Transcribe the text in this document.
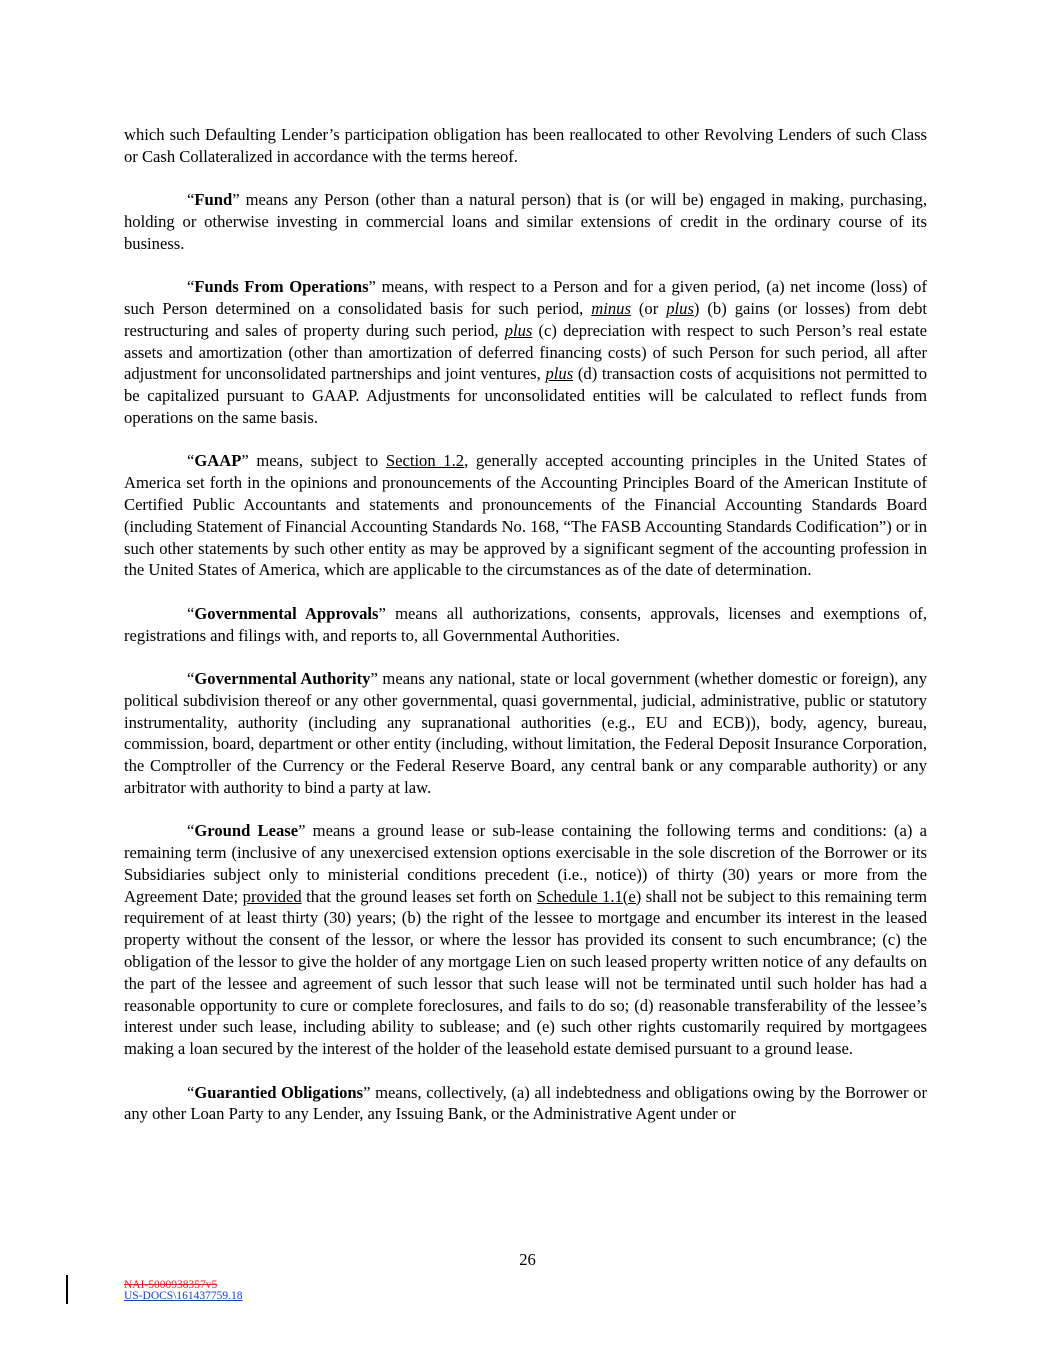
which such Defaulting Lender’s participation obligation has been reallocated to other Revolving Lenders of such Class or Cash Collateralized in accordance with the terms hereof.

“Fund” means any Person (other than a natural person) that is (or will be) engaged in making, purchasing, holding or otherwise investing in commercial loans and similar extensions of credit in the ordinary course of its business.

“Funds From Operations” means, with respect to a Person and for a given period, (a) net income (loss) of such Person determined on a consolidated basis for such period, minus (or plus) (b) gains (or losses) from debt restructuring and sales of property during such period, plus (c) depreciation with respect to such Person’s real estate assets and amortization (other than amortization of deferred financing costs) of such Person for such period, all after adjustment for unconsolidated partnerships and joint ventures, plus (d) transaction costs of acquisitions not permitted to be capitalized pursuant to GAAP. Adjustments for unconsolidated entities will be calculated to reflect funds from operations on the same basis.

“GAAP” means, subject to Section 1.2, generally accepted accounting principles in the United States of America set forth in the opinions and pronouncements of the Accounting Principles Board of the American Institute of Certified Public Accountants and statements and pronouncements of the Financial Accounting Standards Board (including Statement of Financial Accounting Standards No. 168, “The FASB Accounting Standards Codification”) or in such other statements by such other entity as may be approved by a significant segment of the accounting profession in the United States of America, which are applicable to the circumstances as of the date of determination.

“Governmental Approvals” means all authorizations, consents, approvals, licenses and exemptions of, registrations and filings with, and reports to, all Governmental Authorities.

“Governmental Authority” means any national, state or local government (whether domestic or foreign), any political subdivision thereof or any other governmental, quasi governmental, judicial, administrative, public or statutory instrumentality, authority (including any supranational authorities (e.g., EU and ECB)), body, agency, bureau, commission, board, department or other entity (including, without limitation, the Federal Deposit Insurance Corporation, the Comptroller of the Currency or the Federal Reserve Board, any central bank or any comparable authority) or any arbitrator with authority to bind a party at law.

“Ground Lease” means a ground lease or sub-lease containing the following terms and conditions: (a) a remaining term (inclusive of any unexercised extension options exercisable in the sole discretion of the Borrower or its Subsidiaries subject only to ministerial conditions precedent (i.e., notice)) of thirty (30) years or more from the Agreement Date; provided that the ground leases set forth on Schedule 1.1(e) shall not be subject to this remaining term requirement of at least thirty (30) years; (b) the right of the lessee to mortgage and encumber its interest in the leased property without the consent of the lessor, or where the lessor has provided its consent to such encumbrance; (c) the obligation of the lessor to give the holder of any mortgage Lien on such leased property written notice of any defaults on the part of the lessee and agreement of such lessor that such lease will not be terminated until such holder has had a reasonable opportunity to cure or complete foreclosures, and fails to do so; (d) reasonable transferability of the lessee’s interest under such lease, including ability to sublease; and (e) such other rights customarily required by mortgagees making a loan secured by the interest of the holder of the leasehold estate demised pursuant to a ground lease.

“Guarantied Obligations” means, collectively, (a) all indebtedness and obligations owing by the Borrower or any other Loan Party to any Lender, any Issuing Bank, or the Administrative Agent under or

26
NAI-5000938357v5
US-DOCS\161437759.18
